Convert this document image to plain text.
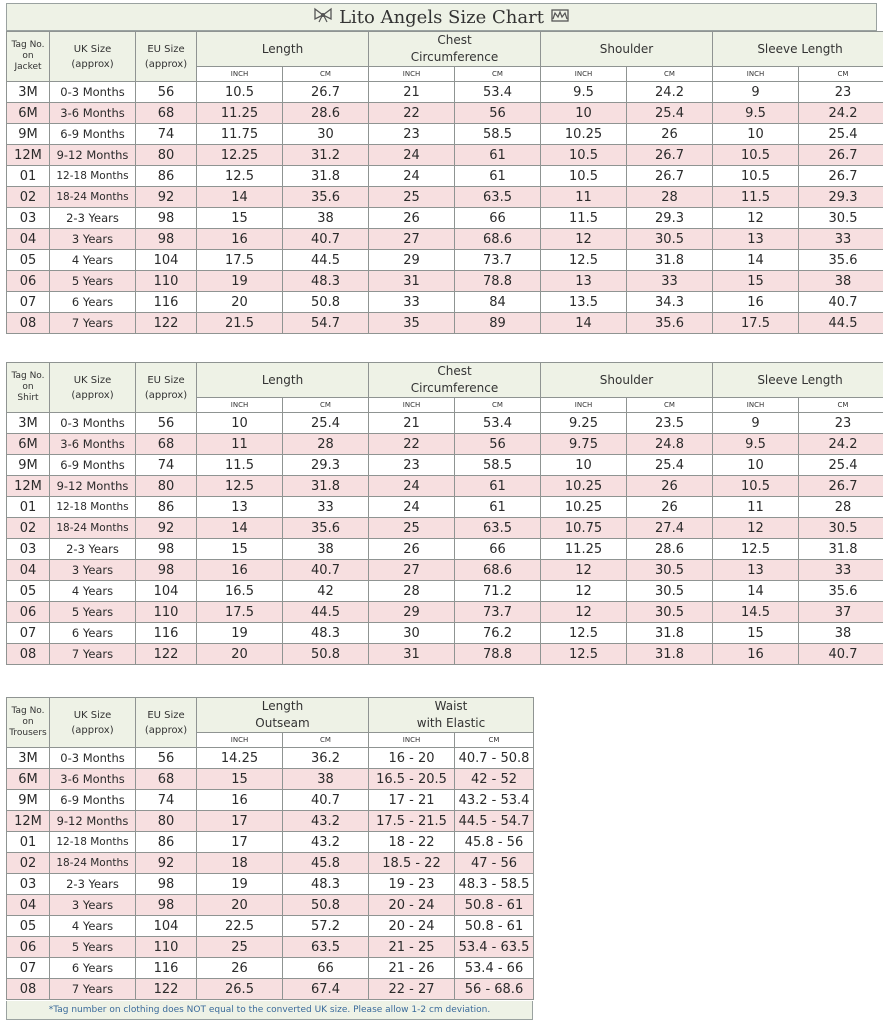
Lito Angels Size Chart
Tag No.
on
Jacket	UK Size
(approx)	EU Size
(approx)	Length		Chest
Circumference		Shoulder		Sleeve Length	
			INCH	CM	INCH	CM	INCH	CM	INCH	CM
3M	0-3 Months	56	10.5	26.7	21	53.4	9.5	24.2	9	23
6M	3-6 Months	68	11.25	28.6	22	56	10	25.4	9.5	24.2
9M	6-9 Months	74	11.75	30	23	58.5	10.25	26	10	25.4
12M	9-12 Months	80	12.25	31.2	24	61	10.5	26.7	10.5	26.7
01	12-18 Months	86	12.5	31.8	24	61	10.5	26.7	10.5	26.7
02	18-24 Months	92	14	35.6	25	63.5	11	28	11.5	29.3
03	2-3 Years	98	15	38	26	66	11.5	29.3	12	30.5
04	3 Years	98	16	40.7	27	68.6	12	30.5	13	33
05	4 Years	104	17.5	44.5	29	73.7	12.5	31.8	14	35.6
06	5 Years	110	19	48.3	31	78.8	13	33	15	38
07	6 Years	116	20	50.8	33	84	13.5	34.3	16	40.7
08	7 Years	122	21.5	54.7	35	89	14	35.6	17.5	44.5
Tag No.
on
Shirt	UK Size
(approx)	EU Size
(approx)	Length		Chest
Circumference		Shoulder		Sleeve Length	
			INCH	CM	INCH	CM	INCH	CM	INCH	CM
3M	0-3 Months	56	10	25.4	21	53.4	9.25	23.5	9	23
6M	3-6 Months	68	11	28	22	56	9.75	24.8	9.5	24.2
9M	6-9 Months	74	11.5	29.3	23	58.5	10	25.4	10	25.4
12M	9-12 Months	80	12.5	31.8	24	61	10.25	26	10.5	26.7
01	12-18 Months	86	13	33	24	61	10.25	26	11	28
02	18-24 Months	92	14	35.6	25	63.5	10.75	27.4	12	30.5
03	2-3 Years	98	15	38	26	66	11.25	28.6	12.5	31.8
04	3 Years	98	16	40.7	27	68.6	12	30.5	13	33
05	4 Years	104	16.5	42	28	71.2	12	30.5	14	35.6
06	5 Years	110	17.5	44.5	29	73.7	12	30.5	14.5	37
07	6 Years	116	19	48.3	30	76.2	12.5	31.8	15	38
08	7 Years	122	20	50.8	31	78.8	12.5	31.8	16	40.7
Tag No.
on
Trousers	UK Size
(approx)	EU Size
(approx)	Length
Outseam		Waist
with Elastic	

			INCH	CM	INCH	CM
3M	0-3 Months	56	14.25	36.2	16 - 20	40.7 - 50.8
6M	3-6 Months	68	15	38	16.5 - 20.5	42 - 52
9M	6-9 Months	74	16	40.7	17 - 21	43.2 - 53.4
12M	9-12 Months	80	17	43.2	17.5 - 21.5	44.5 - 54.7
01	12-18 Months	86	17	43.2	18 - 22	45.8 - 56
02	18-24 Months	92	18	45.8	18.5 - 22	47 - 56
03	2-3 Years	98	19	48.3	19 - 23	48.3 - 58.5
04	3 Years	98	20	50.8	20 - 24	50.8 - 61
05	4 Years	104	22.5	57.2	20 - 24	50.8 - 61
06	5 Years	110	25	63.5	21 - 25	53.4 - 63.5
07	6 Years	116	26	66	21 - 26	53.4 - 66
08	7 Years	122	26.5	67.4	22 - 27	56 - 68.6
*Tag number on clothing does NOT equal to the converted UK size. Please allow 1-2 cm deviation.
